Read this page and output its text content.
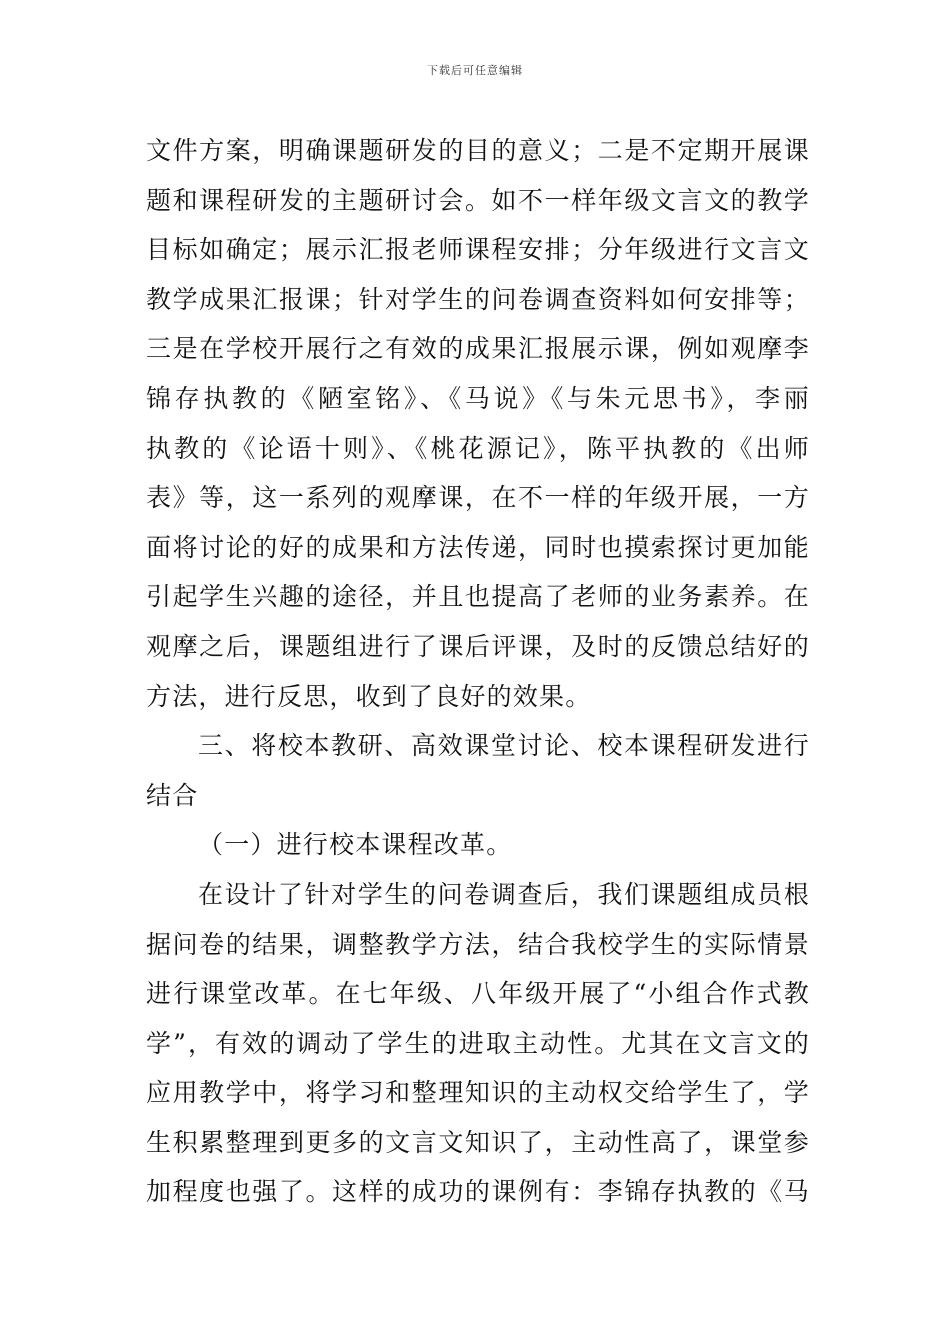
下载后可任意编辑
文件方案，明确课题研发的目的意义；二是不定期开展课
题和课程研发的主题研讨会。如不一样年级文言文的教学
目标如确定；展示汇报老师课程安排；分年级进行文言文
教学成果汇报课；针对学生的问卷调查资料如何安排等；
三是在学校开展行之有效的成果汇报展示课，例如观摩李
锦存执教的《陋室铭》、《马说》《与朱元思书》，李丽
执教的《论语十则》、《桃花源记》，陈平执教的《出师
表》等，这一系列的观摩课，在不一样的年级开展，一方
面将讨论的好的成果和方法传递，同时也摸索探讨更加能
引起学生兴趣的途径，并且也提高了老师的业务素养。在
观摩之后，课题组进行了课后评课，及时的反馈总结好的
方法，进行反思，收到了良好的效果。
三、将校本教研、高效课堂讨论、校本课程研发进行
结合
（一）进行校本课程改革。
在设计了针对学生的问卷调查后，我们课题组成员根
据问卷的结果，调整教学方法，结合我校学生的实际情景
进行课堂改革。在七年级、八年级开展了“小组合作式教
学”，有效的调动了学生的进取主动性。尤其在文言文的
应用教学中，将学习和整理知识的主动权交给学生了，学
生积累整理到更多的文言文知识了，主动性高了，课堂参
加程度也强了。这样的成功的课例有：李锦存执教的《马
